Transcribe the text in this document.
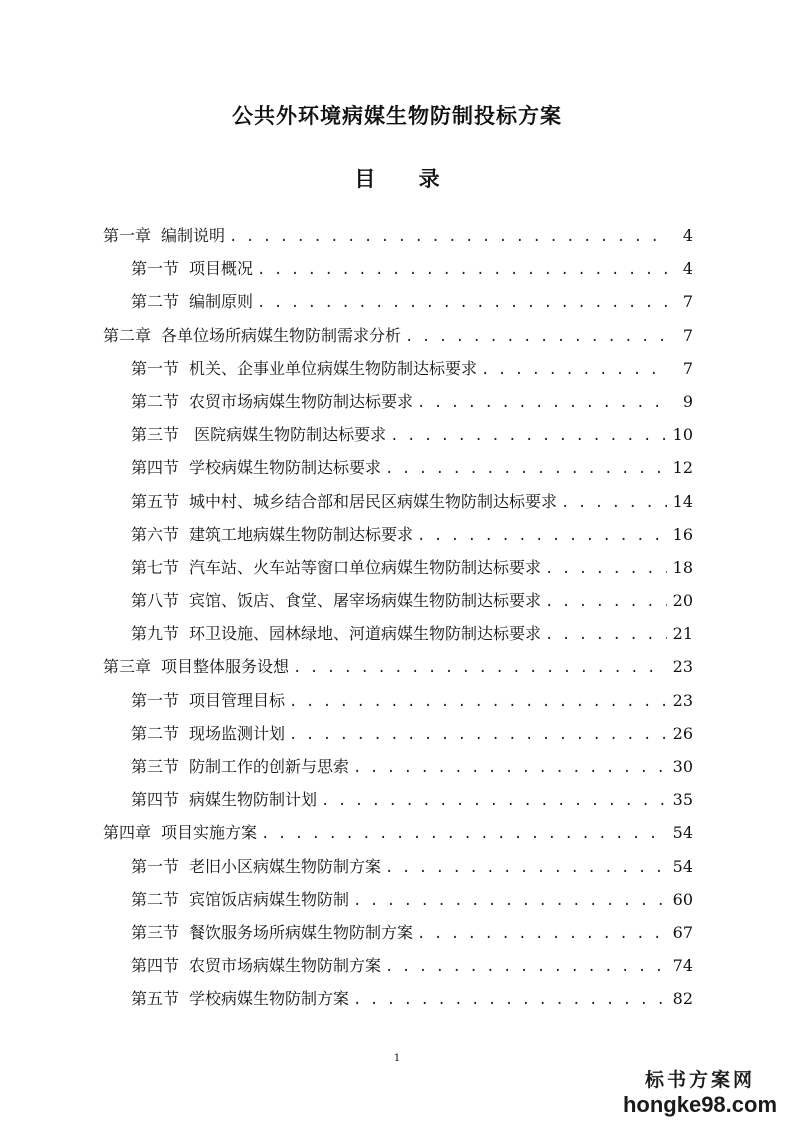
公共外环境病媒生物防制投标方案
目 录
第一章 编制说明 . . .	4
第一节 项目概况 . . .	4
第二节 编制原则 . . .	7
第二章 各单位场所病媒生物防制需求分析 . . .	7
第一节 机关、企事业单位病媒生物防制达标要求 . . .	7
第二节 农贸市场病媒生物防制达标要求 . . .	9
第三节 医院病媒生物防制达标要求 . . .	10
第四节 学校病媒生物防制达标要求 . . .	12
第五节 城中村、城乡结合部和居民区病媒生物防制达标要求 . . .	14
第六节 建筑工地病媒生物防制达标要求 . . .	16
第七节 汽车站、火车站等窗口单位病媒生物防制达标要求 . . .	18
第八节 宾馆、饭店、食堂、屠宰场病媒生物防制达标要求 . . .	20
第九节 环卫设施、园林绿地、河道病媒生物防制达标要求 . . .	21
第三章 项目整体服务设想 . . .	23
第一节 项目管理目标 . . .	23
第二节 现场监测计划 . . .	26
第三节 防制工作的创新与思索 . . .	30
第四节 病媒生物防制计划 . . .	35
第四章 项目实施方案 . . .	54
第一节 老旧小区病媒生物防制方案 . . .	54
第二节 宾馆饭店病媒生物防制 . . .	60
第三节 餐饮服务场所病媒生物防制方案 . . .	67
第四节 农贸市场病媒生物防制方案 . . .	74
第五节 学校病媒生物防制方案 . . .	82
1
标书方案网
hongke98.com
